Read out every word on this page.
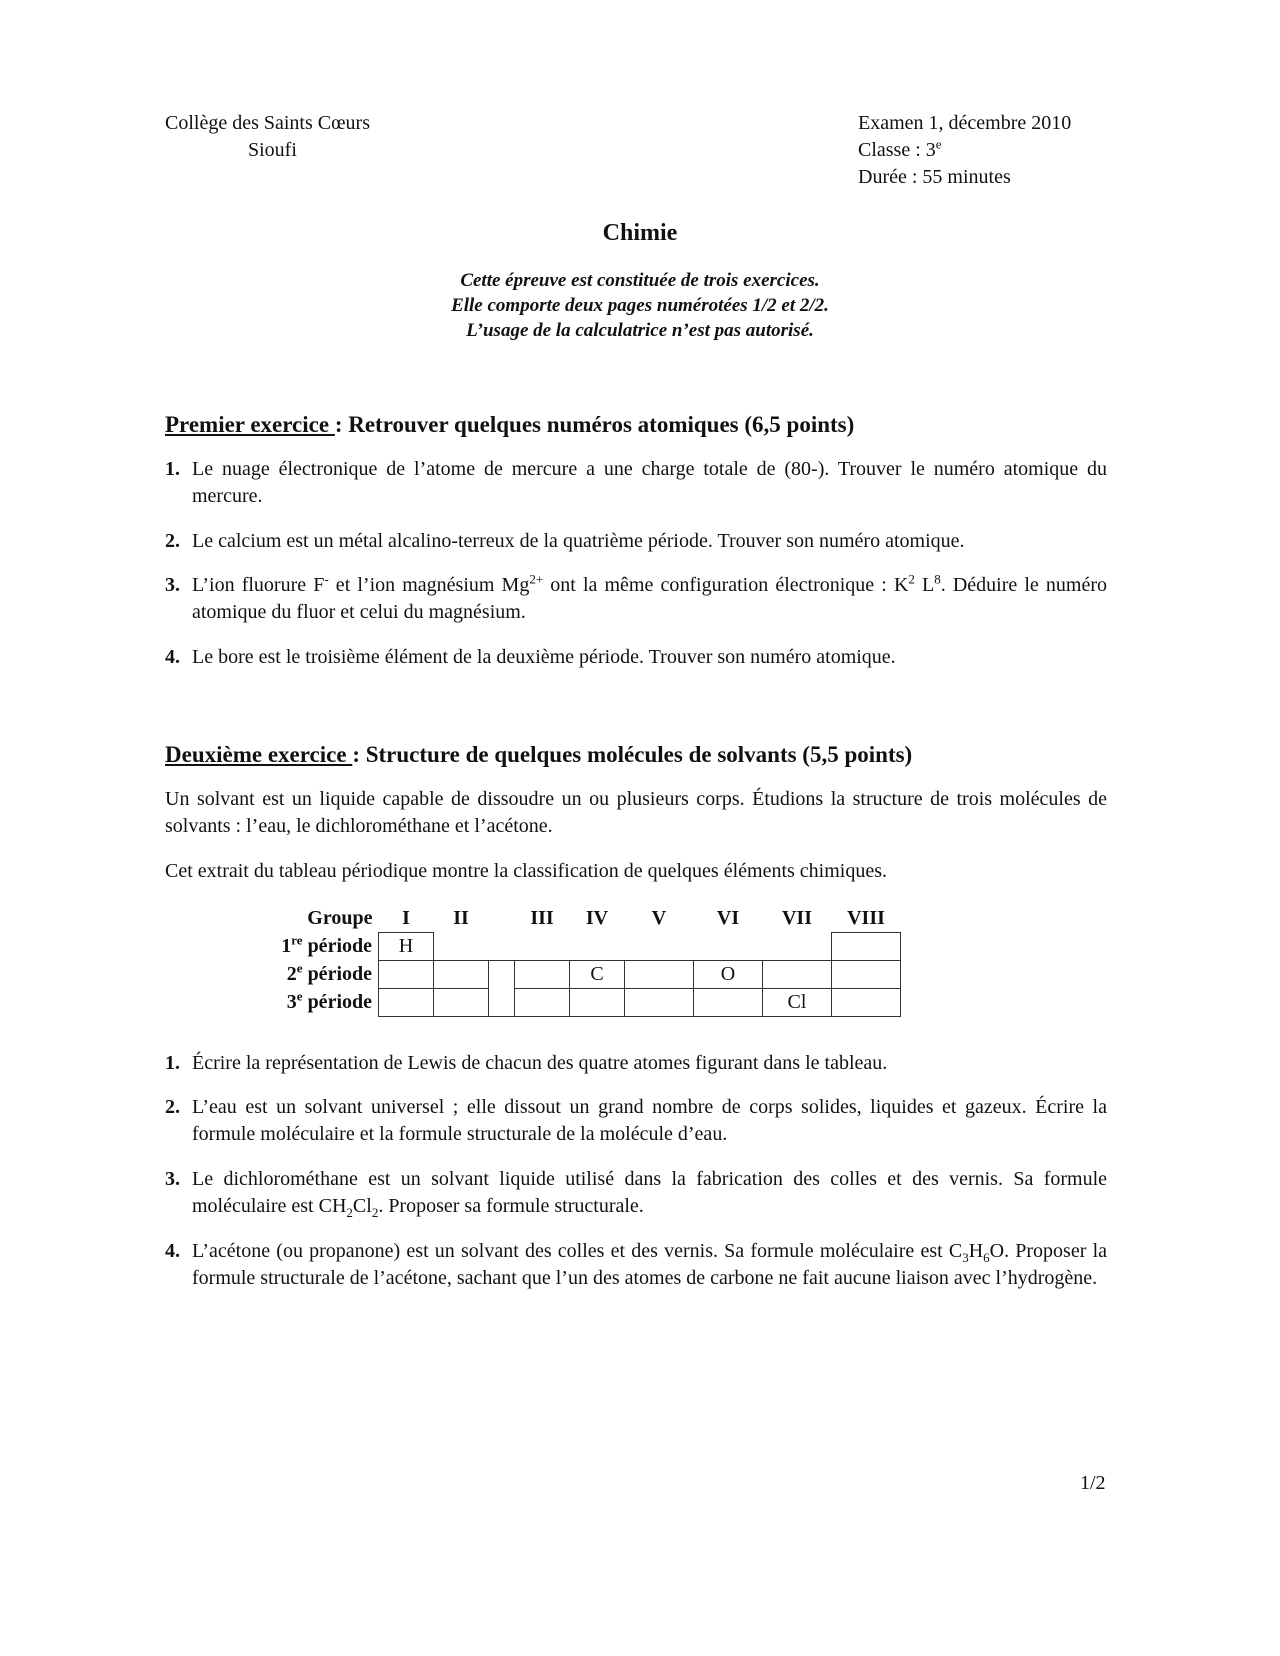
Collège des Saints Cœurs
Sioufi
Examen 1, décembre 2010
Classe : 3e
Durée : 55 minutes
Chimie
Cette épreuve est constituée de trois exercices.
Elle comporte deux pages numérotées 1/2 et 2/2.
L’usage de la calculatrice n’est pas autorisé.
Premier exercice : Retrouver quelques numéros atomiques (6,5 points)
1. Le nuage électronique de l’atome de mercure a une charge totale de (80-). Trouver le numéro atomique du mercure.
2. Le calcium est un métal alcalino-terreux de la quatrième période. Trouver son numéro atomique.
3. L’ion fluorure F- et l’ion magnésium $Mg^{2+}$ ont la même configuration électronique : $K^2$ $L^8$. Déduire le numéro atomique du fluor et celui du magnésium.
4. Le bore est le troisième élément de la deuxième période. Trouver son numéro atomique.
Deuxième exercice : Structure de quelques molécules de solvants (5,5 points)
Un solvant est un liquide capable de dissoudre un ou plusieurs corps. Étudions la structure de trois molécules de solvants : l’eau, le dichlorométhane et l’acétone.
Cet extrait du tableau périodique montre la classification de quelques éléments chimiques.
Groupe	I	II		III	IV	V	VI	VII	VIII
1re période	H								
2e période					C		O		
3e période								Cl	
1. Écrire la représentation de Lewis de chacun des quatre atomes figurant dans le tableau.
2. L’eau est un solvant universel ; elle dissout un grand nombre de corps solides, liquides et gazeux. Écrire la formule moléculaire et la formule structurale de la molécule d’eau.
3. Le dichlorométhane est un solvant liquide utilisé dans la fabrication des colles et des vernis. Sa formule moléculaire est $CH_2Cl_2$. Proposer sa formule structurale.
4. L’acétone (ou propanone) est un solvant des colles et des vernis. Sa formule moléculaire est $C_3H_6O$. Proposer la formule structurale de l’acétone, sachant que l’un des atomes de carbone ne fait aucune liaison avec l’hydrogène.
1/2
